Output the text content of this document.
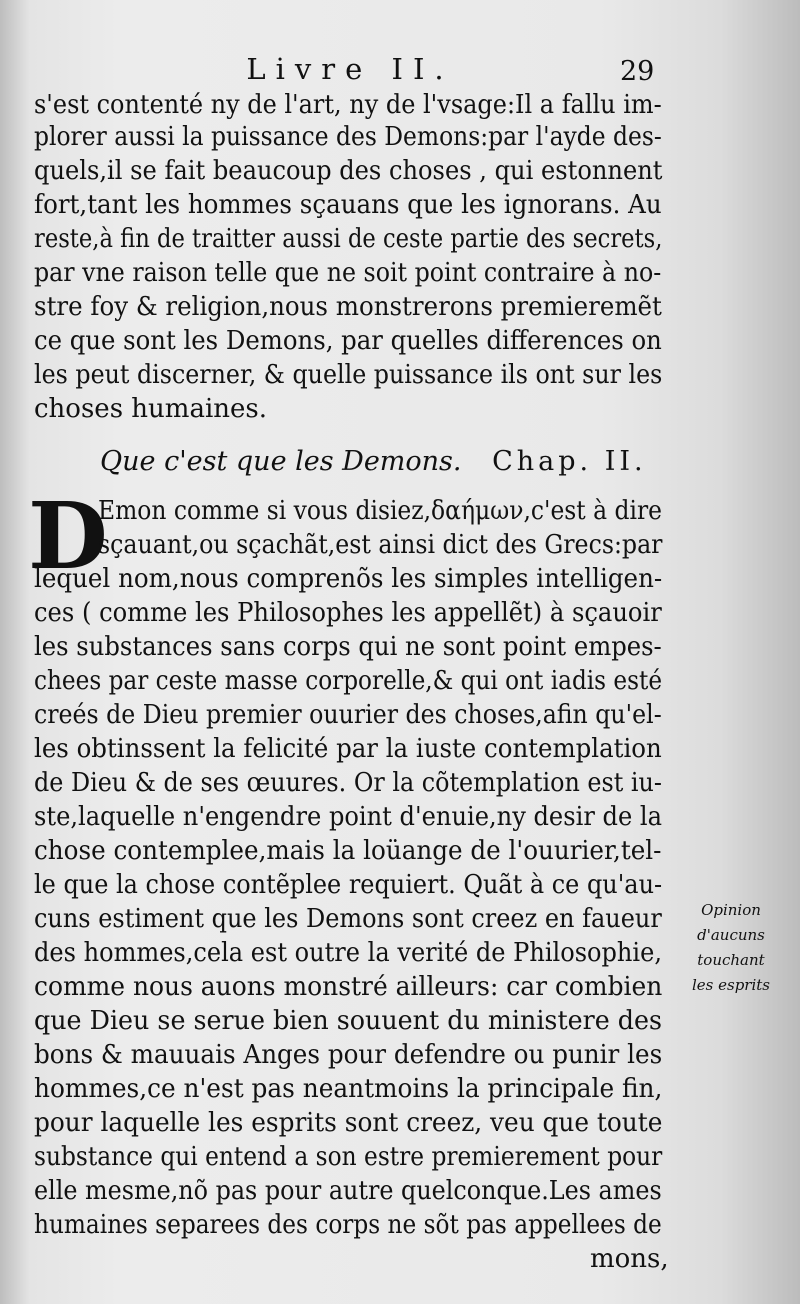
Livre II.	29
s'est contenté ny de l'art, ny de l'vsage:Il a fallu im-
plorer aussi la puissance des Demons:par l'ayde des-
quels,il se fait beaucoup des choses , qui estonnent
fort,tant les hommes sçauans que les ignorans. Au
reste,à fin de traitter aussi de ceste partie des secrets,
par vne raison telle que ne soit point contraire à no-
stre foy & religion,nous monstrerons premieremẽt
ce que sont les Demons, par quelles differences on
les peut discerner, & quelle puissance ils ont sur les
choses humaines.
Que c'est que les Demons. Chap. II.
D
Emon comme si vous disiez,δαήμων,c'est à dire
sçauant,ou sçachãt,est ainsi dict des Grecs:par
lequel nom,nous comprenõs les simples intelligen-
ces ( comme les Philosophes les appellẽt) à sçauoir
les substances sans corps qui ne sont point empes-
chees par ceste masse corporelle,& qui ont iadis esté
creés de Dieu premier ouurier des choses,afin qu'el-
les obtinssent la felicité par la iuste contemplation
de Dieu & de ses œuures. Or la cõtemplation est iu-
ste,laquelle n'engendre point d'enuie,ny desir de la
chose contemplee,mais la loüange de l'ouurier,tel-
le que la chose contẽplee requiert. Quãt à ce qu'au-
cuns estiment que les Demons sont creez en faueur
des hommes,cela est outre la verité de Philosophie,
comme nous auons monstré ailleurs: car combien
que Dieu se serue bien souuent du ministere des
bons & mauuais Anges pour defendre ou punir les
hommes,ce n'est pas neantmoins la principale fin,
pour laquelle les esprits sont creez, veu que toute
substance qui entend a son estre premierement pour
elle mesme,nõ pas pour autre quelconque.Les ames
humaines separees des corps ne sõt pas appellees de
mons,
Opinion
d'aucuns
touchant
les esprits
